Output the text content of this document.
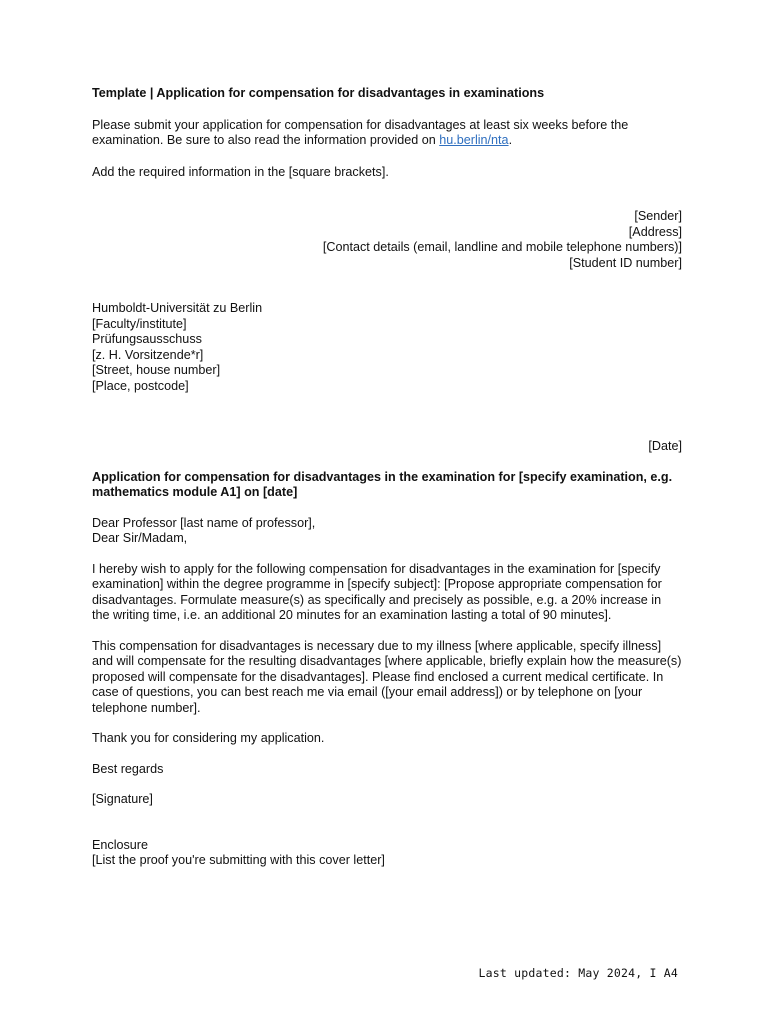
Template | Application for compensation for disadvantages in examinations

Please submit your application for compensation for disadvantages at least six weeks before the examination. Be sure to also read the information provided on hu.berlin/nta.

Add the required information in the [square brackets].

[Sender]
[Address]
[Contact details (email, landline and mobile telephone numbers)]
[Student ID number]
Humboldt-Universität zu Berlin
[Faculty/institute]
Prüfungsausschuss
[z. H. Vorsitzende*r]
[Street, house number]
[Place, postcode]

[Date]

Application for compensation for disadvantages in the examination for [specify examination, e.g. mathematics module A1] on [date]

Dear Professor [last name of professor],
Dear Sir/Madam,

I hereby wish to apply for the following compensation for disadvantages in the examination for [specify examination] within the degree programme in [specify subject]: [Propose appropriate compensation for disadvantages. Formulate measure(s) as specifically and precisely as possible, e.g. a 20% increase in the writing time, i.e. an additional 20 minutes for an examination lasting a total of 90 minutes].

This compensation for disadvantages is necessary due to my illness [where applicable, specify illness] and will compensate for the resulting disadvantages [where applicable, briefly explain how the measure(s) proposed will compensate for the disadvantages]. Please find enclosed a current medical certificate. In case of questions, you can best reach me via email ([your email address]) or by telephone on [your telephone number].

Thank you for considering my application.

Best regards

[Signature]

Enclosure
[List the proof you're submitting with this cover letter]
Last updated: May 2024, I A4
